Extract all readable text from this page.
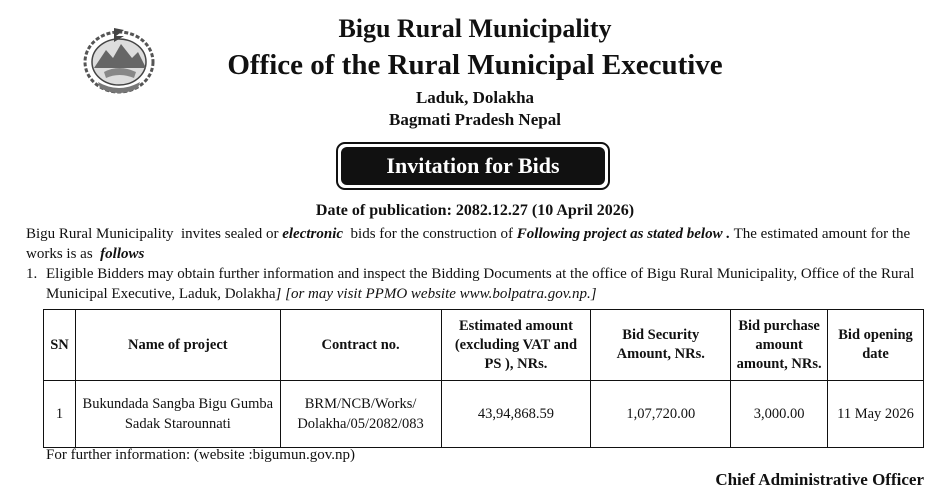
Bigu Rural Municipality
Office of the Rural Municipal Executive
Laduk, Dolakha
Bagmati Pradesh Nepal
Invitation for Bids
Date of publication: 2082.12.27 (10 April 2026)
Bigu Rural Municipality  invites sealed or electronic  bids for the construction of Following project as stated below . The estimated amount for the works is as  follows
1. Eligible Bidders may obtain further information and inspect the Bidding Documents at the office of Bigu Rural Municipality, Office of the Rural Municipal Executive, Laduk, Dolakha] [or may visit PPMO website www.bolpatra.gov.np.]
SN	Name of project	Contract no.	Estimated amount (excluding VAT and PS ), NRs.	Bid Security Amount, NRs.	Bid purchase amount amount, NRs.	Bid opening date
1	Bukundada Sangba Bigu Gumba Sadak Starounnati	BRM/NCB/Works/ Dolakha/05/2082/083	43,94,868.59	1,07,720.00	3,000.00	11 May 2026
For further information: (website :bigumun.gov.np)
Chief Administrative Officer
